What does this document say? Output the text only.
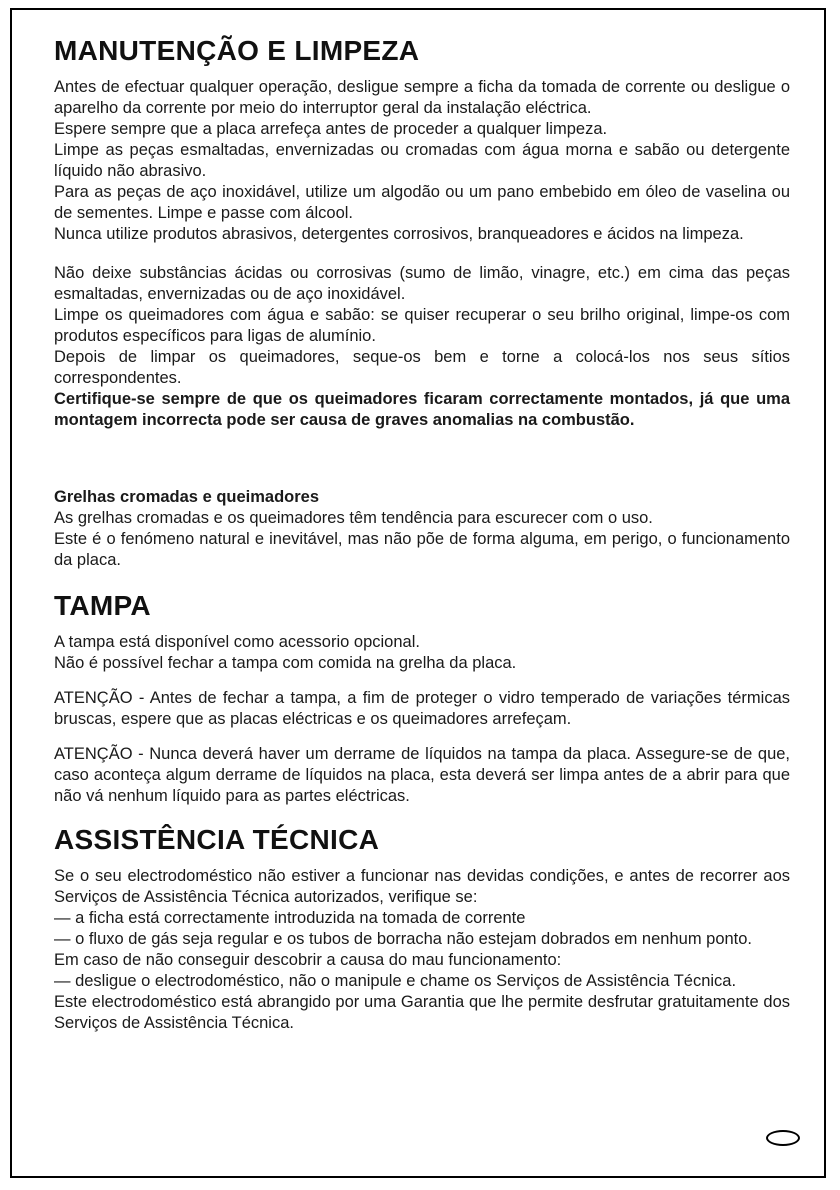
MANUTENÇÃO E LIMPEZA

Antes de efectuar qualquer operação, desligue sempre a ficha da tomada de corrente ou desligue o aparelho da corrente por meio do interruptor geral da instalação eléctrica.

Espere sempre que a placa arrefeça antes de proceder a qualquer limpeza.

Limpe as peças esmaltadas, envernizadas ou cromadas com água morna e sabão ou detergente líquido não abrasivo.

Para as peças de aço inoxidável, utilize um algodão ou um pano embebido em óleo de vaselina ou de sementes. Limpe e passe com álcool.

Nunca utilize produtos abrasivos, detergentes corrosivos, branqueadores e ácidos na limpeza.

Não deixe substâncias ácidas ou corrosivas (sumo de limão, vinagre, etc.) em cima das peças esmaltadas, envernizadas ou de aço inoxidável.

Limpe os queimadores com água e sabão: se quiser recuperar o seu brilho original, limpe-os com produtos específicos para ligas de alumínio.

Depois de limpar os queimadores, seque-os bem e torne a colocá-los nos seus sítios correspondentes.

Certifique-se sempre de que os queimadores ficaram correctamente montados, já que uma montagem incorrecta pode ser causa de graves anomalias na combustão.

Grelhas cromadas e queimadores

As grelhas cromadas e os queimadores têm tendência para escurecer com o uso.

Este é o fenómeno natural e inevitável, mas não põe de forma alguma, em perigo, o funcionamento da placa.

TAMPA

A tampa está disponível como acessorio opcional.

Não é possível fechar a tampa com comida na grelha da placa.

ATENÇÃO - Antes de fechar a tampa, a fim de proteger o vidro temperado de variações térmicas bruscas, espere que as placas eléctricas e os queimadores arrefeçam.

ATENÇÃO - Nunca deverá haver um derrame de líquidos na tampa da placa. Assegure-se de que, caso aconteça algum derrame de líquidos na placa, esta deverá ser limpa antes de a abrir para que não vá nenhum líquido para as partes eléctricas.

ASSISTÊNCIA TÉCNICA

Se o seu electrodoméstico não estiver a funcionar nas devidas condições, e antes de recorrer aos Serviços de Assistência Técnica autorizados, verifique se:

— a ficha está correctamente introduzida na tomada de corrente

— o fluxo de gás seja regular e os tubos de borracha não estejam dobrados em nenhum ponto.

Em caso de não conseguir descobrir a causa do mau funcionamento:

— desligue o electrodoméstico, não o manipule e chame os Serviços de Assistência Técnica.

Este electrodoméstico está abrangido por uma Garantia que lhe permite desfrutar gratuitamente dos Serviços de Assistência Técnica.
